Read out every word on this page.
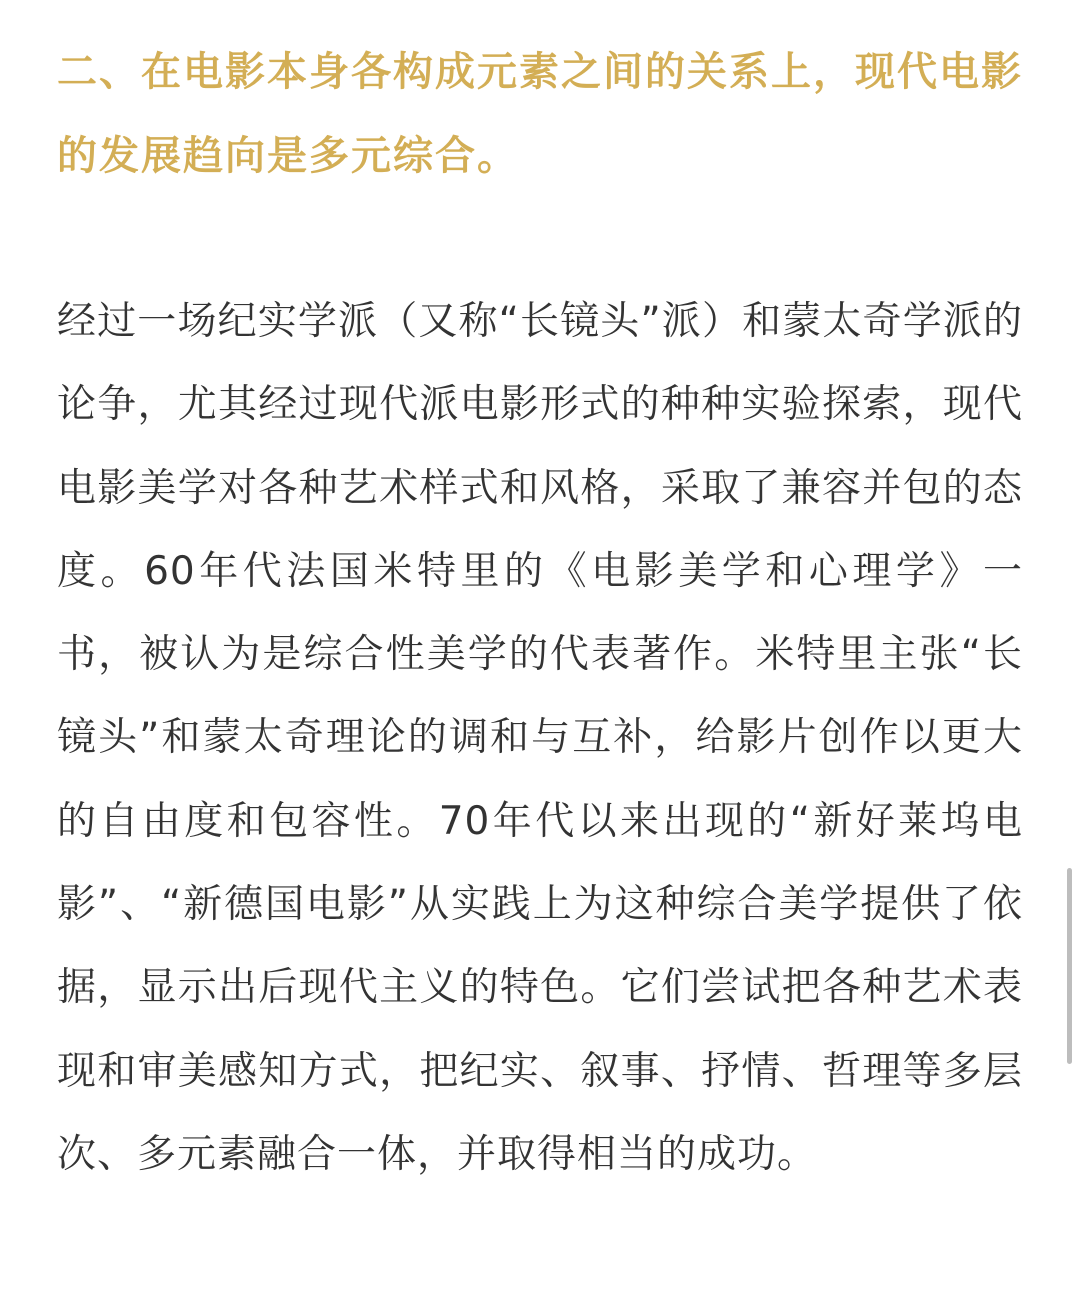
二、在电影本身各构成元素之间的关系上，现代电影的发展趋向是多元综合。

经过一场纪实学派（又称“长镜头”派）和蒙太奇学派的论争，尤其经过现代派电影形式的种种实验探索，现代电影美学对各种艺术样式和风格，采取了兼容并包的态度。60年代法国米特里的《电影美学和心理学》一书，被认为是综合性美学的代表著作。米特里主张“长镜头”和蒙太奇理论的调和与互补，给影片创作以更大的自由度和包容性。70年代以来出现的“新好莱坞电影”、“新德国电影”从实践上为这种综合美学提供了依据，显示出后现代主义的特色。它们尝试把各种艺术表现和审美感知方式，把纪实、叙事、抒情、哲理等多层次、多元素融合一体，并取得相当的成功。
